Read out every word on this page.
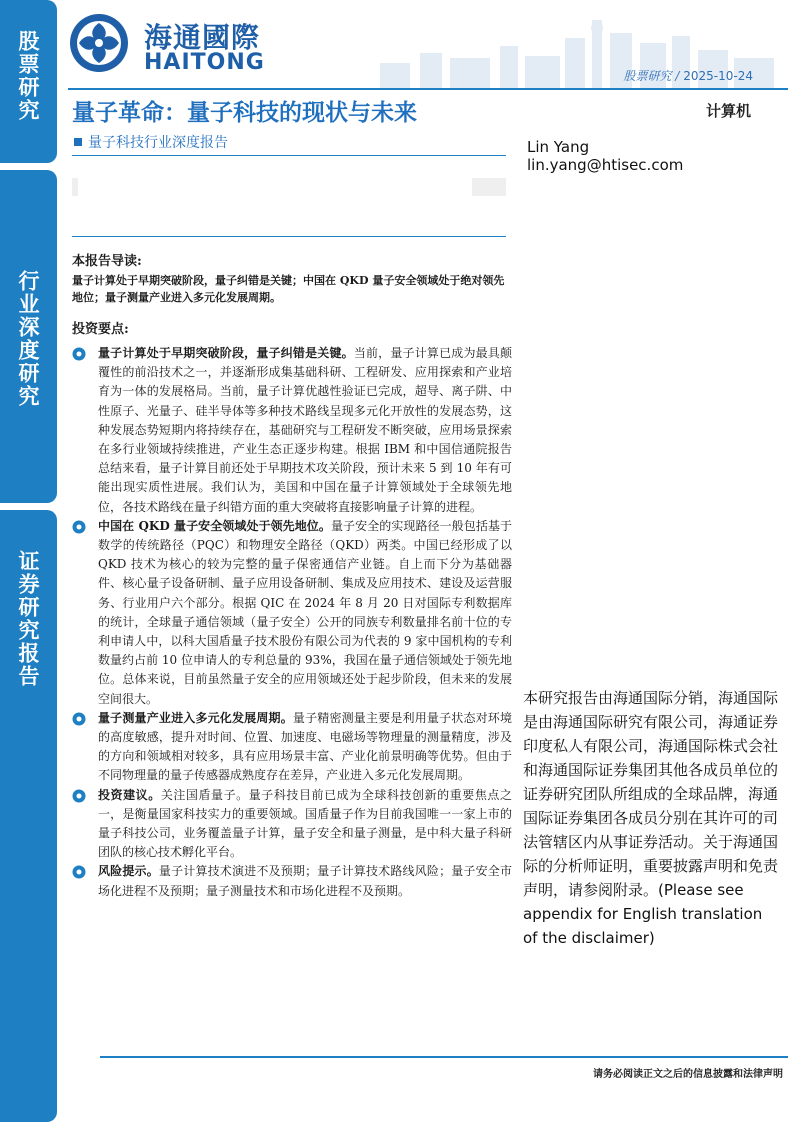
股票研究
行业深度研究
证券研究报告
海通國際
HAITONG
股票研究 / 2025-10-24
量子革命：量子科技的现状与未来	计算机
量子科技行业深度报告	Lin Yang
lin.yang@htisec.com
本报告导读:
量子计算处于早期突破阶段，量子纠错是关键；中国在 QKD 量子安全领域处于绝对领先地位；量子测量产业进入多元化发展周期。
投资要点:
量子计算处于早期突破阶段，量子纠错是关键。当前，量子计算已成为最具颠覆性的前沿技术之一，并逐渐形成集基础科研、工程研发、应用探索和产业培育为一体的发展格局。当前，量子计算优越性验证已完成，超导、离子阱、中性原子、光量子、硅半导体等多种技术路线呈现多元化开放性的发展态势，这种发展态势短期内将持续存在，基础研究与工程研发不断突破，应用场景探索在多行业领域持续推进，产业生态正逐步构建。根据 IBM 和中国信通院报告总结来看，量子计算目前还处于早期技术攻关阶段，预计未来 5 到 10 年有可能出现实质性进展。我们认为，美国和中国在量子计算领域处于全球领先地位，各技术路线在量子纠错方面的重大突破将直接影响量子计算的进程。
中国在 QKD 量子安全领域处于领先地位。量子安全的实现路径一般包括基于数学的传统路径（PQC）和物理安全路径（QKD）两类。中国已经形成了以 QKD 技术为核心的较为完整的量子保密通信产业链。自上而下分为基础器件、核心量子设备研制、量子应用设备研制、集成及应用技术、建设及运营服务、行业用户六个部分。根据 QIC 在 2024 年 8 月 20 日对国际专利数据库的统计，全球量子通信领域（量子安全）公开的同族专利数量排名前十位的专利申请人中，以科大国盾量子技术股份有限公司为代表的 9 家中国机构的专利数量约占前 10 位申请人的专利总量的 93%，我国在量子通信领域处于领先地位。总体来说，目前虽然量子安全的应用领域还处于起步阶段，但未来的发展空间很大。
量子测量产业进入多元化发展周期。量子精密测量主要是利用量子状态对环境的高度敏感，提升对时间、位置、加速度、电磁场等物理量的测量精度，涉及的方向和领域相对较多，具有应用场景丰富、产业化前景明确等优势。但由于不同物理量的量子传感器成熟度存在差异，产业进入多元化发展周期。
投资建议。关注国盾量子。量子科技目前已成为全球科技创新的重要焦点之一，是衡量国家科技实力的重要领域。国盾量子作为目前我国唯一一家上市的量子科技公司，业务覆盖量子计算，量子安全和量子测量，是中科大量子科研团队的核心技术孵化平台。
风险提示。量子计算技术演进不及预期；量子计算技术路线风险；量子安全市场化进程不及预期；量子测量技术和市场化进程不及预期。
本研究报告由海通国际分销，海通国际是由海通国际研究有限公司，海通证券印度私人有限公司，海通国际株式会社和海通国际证券集团其他各成员单位的证券研究团队所组成的全球品牌，海通国际证券集团各成员分别在其许可的司法管辖区内从事证券活动。关于海通国际的分析师证明，重要披露声明和免责声明，请参阅附录。(Please see appendix for English translation of the disclaimer)
请务必阅读正文之后的信息披露和法律声明
